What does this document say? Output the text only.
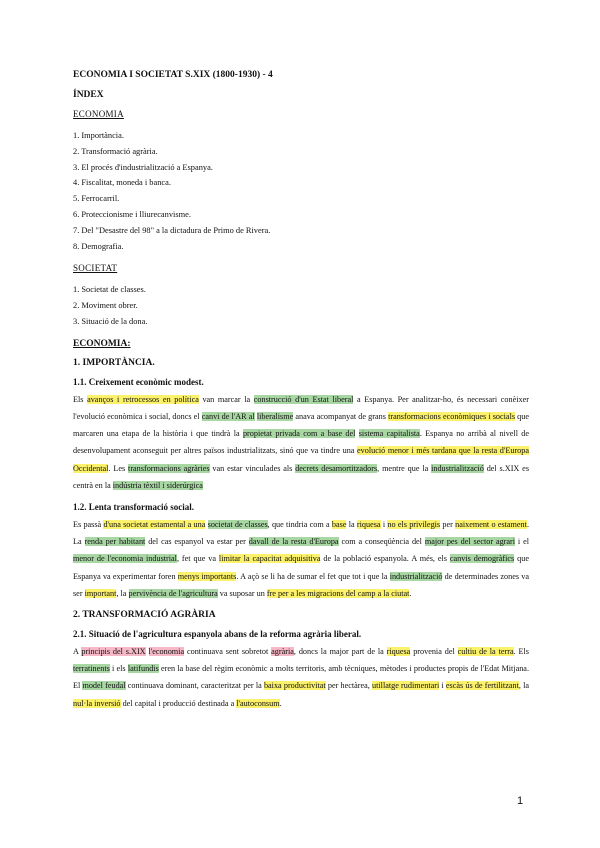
ECONOMIA I SOCIETAT S.XIX (1800-1930) - 4
ÍNDEX
ECONOMIA
1. Importància.
2. Transformació agrària.
3. El procés d'industrialització a Espanya.
4. Fiscalitat, moneda i banca.
5. Ferrocarril.
6. Proteccionisme i lliurecanvisme.
7. Del "Desastre del 98" a la dictadura de Primo de Rivera.
8. Demografia.
SOCIETAT
1. Societat de classes.
2. Moviment obrer.
3. Situació de la dona.
ECONOMIA:
1. IMPORTÀNCIA.
1.1. Creixement econòmic modest.

Els avanços i retrocessos en política van marcar la construcció d'un Estat liberal a Espanya. Per analitzar-ho, és necessari conèixer l'evolució econòmica i social, doncs el canvi de l'AR al liberalisme anava acompanyat de grans transformacions econòmiques i socials que marcaren una etapa de la història i que tindrà la propietat privada com a base del sistema capitalista. Espanya no arribà al nivell de desenvolupament aconseguit per altres països industrialitzats, sinó que va tindre una evolució menor i més tardana que la resta d'Europa Occidental. Les transformacions agràries van estar vinculades als decrets desamortitzadors, mentre que la industrialització del s.XIX es centrà en la indústria tèxtil i siderúrgica

1.2. Lenta transformació social.

Es passà d'una societat estamental a una societat de classes, que tindria com a base la riquesa i no els privilegis per naixement o estament. La renda per habitant del cas espanyol va estar per davall de la resta d'Europa com a conseqüència del major pes del sector agrari i el menor de l'economia industrial, fet que va limitar la capacitat adquisitiva de la població espanyola. A més, els canvis demogràfics que Espanya va experimentar foren menys importants. A açò se li ha de sumar el fet que tot i que la industrialització de determinades zones va ser important, la pervivència de l'agricultura va suposar un fre per a les migracions del camp a la ciutat.

2. TRANSFORMACIÓ AGRÀRIA
2.1. Situació de l'agricultura espanyola abans de la reforma agrària liberal.

A principis del s.XIX l'economia continuava sent sobretot agrària, doncs la major part de la riquesa provenia del cultiu de la terra. Els terratinents i els latifundis eren la base del règim econòmic a molts territoris, amb tècniques, mètodes i productes propis de l'Edat Mitjana. El model feudal continuava dominant, caracteritzat per la baixa productivitat per hectàrea, utillatge rudimentari i escàs ús de fertilitzant, la nul·la inversió del capital i producció destinada a l'autoconsum.

1
